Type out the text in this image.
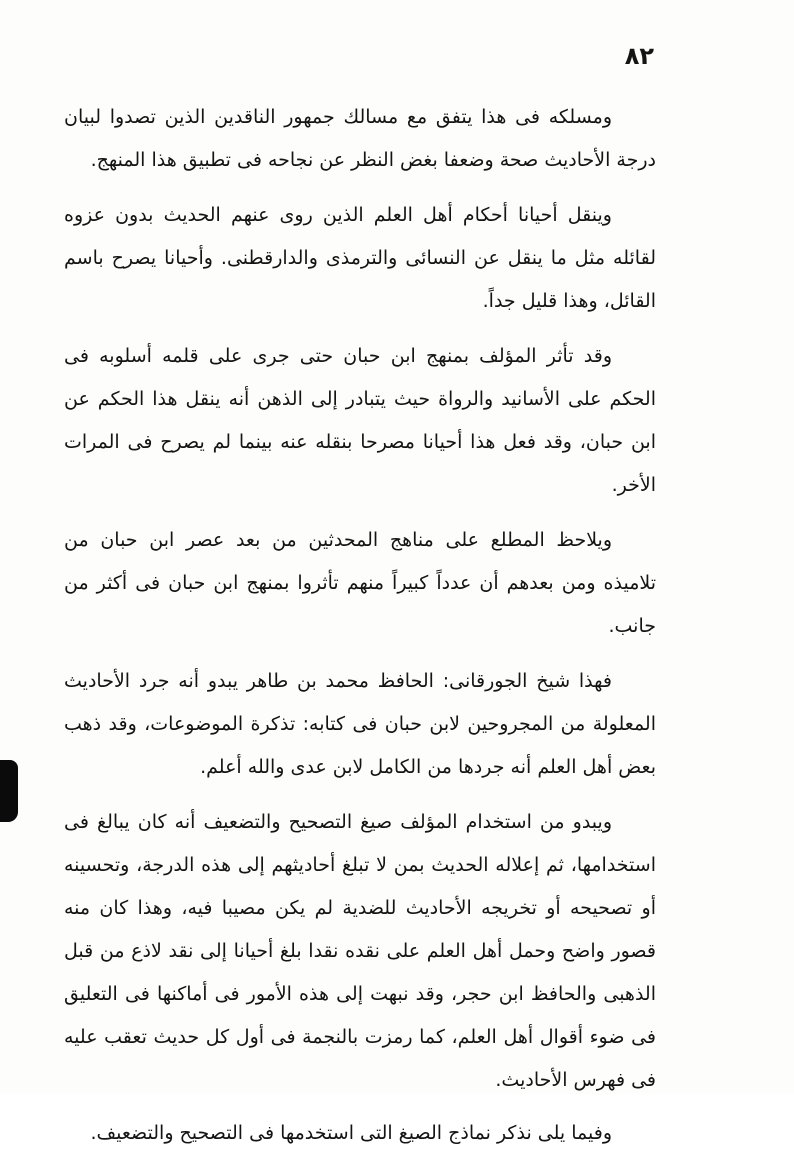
٨٢

ومسلكه فى هذا يتفق مع مسالك جمهور الناقدين الذين تصدوا لبيان درجة الأحاديث صحة وضعفا بغض النظر عن نجاحه فى تطبيق هذا المنهج.

وينقل أحيانا أحكام أهل العلم الذين روى عنهم الحديث بدون عزوه لقائله مثل ما ينقل عن النسائى والترمذى والدارقطنى. وأحيانا يصرح باسم القائل، وهذا قليل جداً.

وقد تأثر المؤلف بمنهج ابن حبان حتى جرى على قلمه أسلوبه فى الحكم على الأسانيد والرواة حيث يتبادر إلى الذهن أنه ينقل هذا الحكم عن ابن حبان، وقد فعل هذا أحيانا مصرحا بنقله عنه بينما لم يصرح فى المرات الأخر.

ويلاحظ المطلع على مناهج المحدثين من بعد عصر ابن حبان من تلاميذه ومن بعدهم أن عدداً كبيراً منهم تأثروا بمنهج ابن حبان فى أكثر من جانب.

فهذا شيخ الجورقانى: الحافظ محمد بن طاهر يبدو أنه جرد الأحاديث المعلولة من المجروحين لابن حبان فى كتابه: تذكرة الموضوعات، وقد ذهب بعض أهل العلم أنه جردها من الكامل لابن عدى والله أعلم.

ويبدو من استخدام المؤلف صيغ التصحيح والتضعيف أنه كان يبالغ فى استخدامها، ثم إعلاله الحديث بمن لا تبلغ أحاديثهم إلى هذه الدرجة، وتحسينه أو تصحيحه أو تخريجه الأحاديث للضدية لم يكن مصيبا فيه، وهذا كان منه قصور واضح وحمل أهل العلم على نقده نقدا بلغ أحيانا إلى نقد لاذع من قبل الذهبى والحافظ ابن حجر، وقد نبهت إلى هذه الأمور فى أماكنها فى التعليق فى ضوء أقوال أهل العلم، كما رمزت بالنجمة فى أول كل حديث تعقب عليه فى فهرس الأحاديث.

وفيما يلى نذكر نماذج الصيغ التى استخدمها فى التصحيح والتضعيف.
